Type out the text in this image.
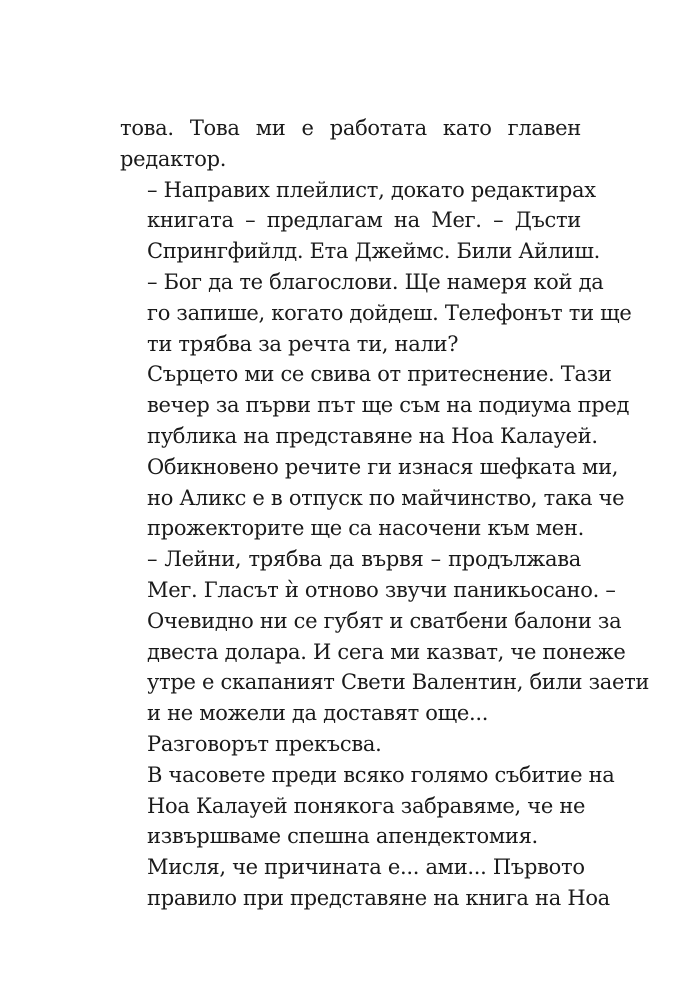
това. Това ми е работата като главен
редактор.
– Направих плейлист, докато редактирах
книгата – предлагам на Мег. – Дъсти
Спрингфийлд. Ета Джеймс. Били Айлиш.
– Бог да те благослови. Ще намеря кой да
го запише, когато дойдеш. Телефонът ти ще
ти трябва за речта ти, нали?
Сърцето ми се свива от притеснение. Тази
вечер за първи път ще съм на подиума пред
публика на представяне на Ноа Калауей.
Обикновено речите ги изнася шефката ми,
но Аликс е в отпуск по майчинство, така че
прожекторите ще са насочени към мен.
– Лейни, трябва да вървя – продължава
Мег. Гласът ѝ отново звучи паникьосано. –
Очевидно ни се губят и сватбени балони за
двеста долара. И сега ми казват, че понеже
утре е скапаният Свети Валентин, били заети
и не можели да доставят още...
Разговорът прекъсва.
В часовете преди всяко голямо събитие на
Ноа Калауей понякога забравяме, че не
извършваме спешна апендектомия.
Мисля, че причината е... ами... Първото
правило при представяне на книга на Ноа
